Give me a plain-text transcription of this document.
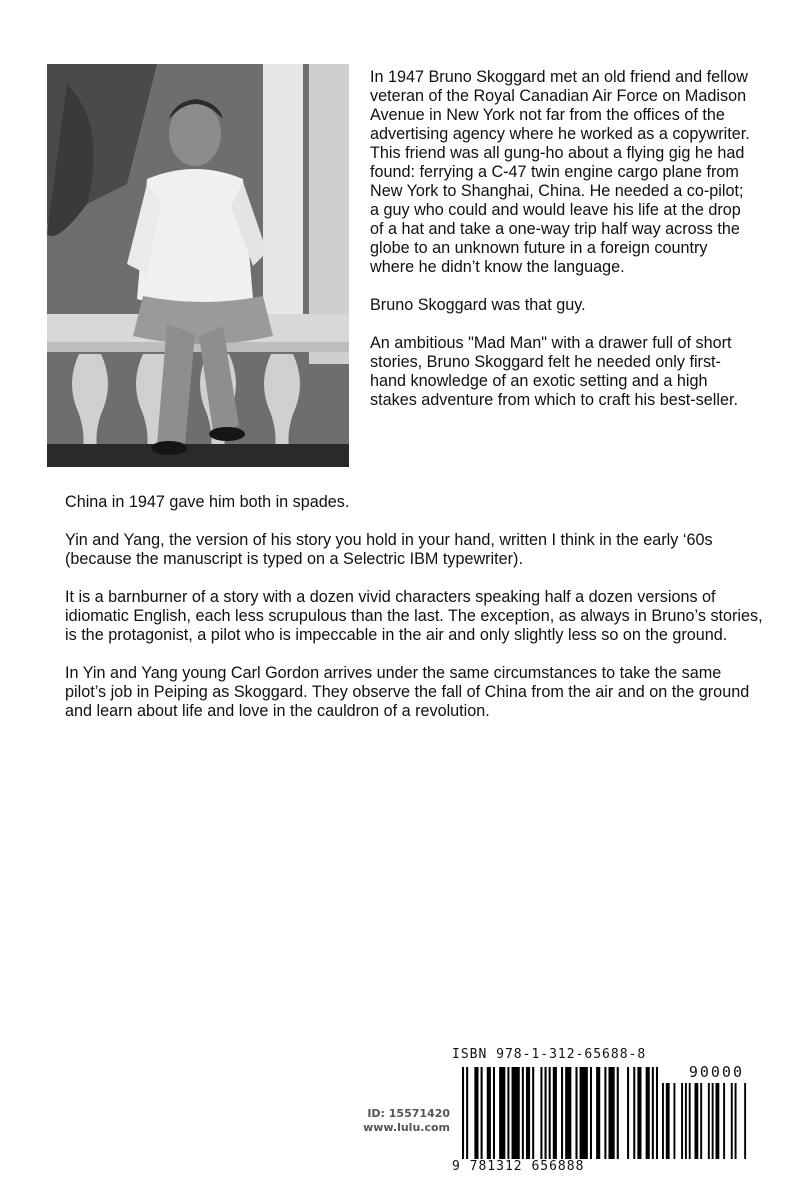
In 1947 Bruno Skoggard met an old friend and fellow veteran of the Royal Canadian Air Force on Madison Avenue in New York not far from the offices of the advertising agency where he worked as a copywriter. This friend was all gung-ho about a flying gig he had found: ferrying a C-47 twin engine cargo plane from New York to Shanghai, China. He needed a co-pilot; a guy who could and would leave his life at the drop of a hat and take a one-way trip half way across the globe to an unknown future in a foreign country where he didn’t know the language.

Bruno Skoggard was that guy.

An ambitious "Mad Man" with a drawer full of short stories, Bruno Skoggard felt he needed only first-hand knowledge of an exotic setting and a high stakes adventure from which to craft his best-seller.

China in 1947 gave him both in spades.

Yin and Yang, the version of his story you hold in your hand, written I think in the early ‘60s (because the manuscript is typed on a Selectric IBM typewriter).

It is a barnburner of a story with a dozen vivid characters speaking half a dozen versions of idiomatic English, each less scrupulous than the last. The exception, as always in Bruno’s stories, is the protagonist, a pilot who is impeccable in the air and only slightly less so on the ground.

In Yin and Yang young Carl Gordon arrives under the same circumstances to take the same pilot’s job in Peiping as Skoggard. They observe the fall of China from the air and on the ground and learn about life and love in the cauldron of a revolution.

ID: 15571420
www.lulu.com
ISBN 978-1-312-65688-8
90000
9 781312 656888
